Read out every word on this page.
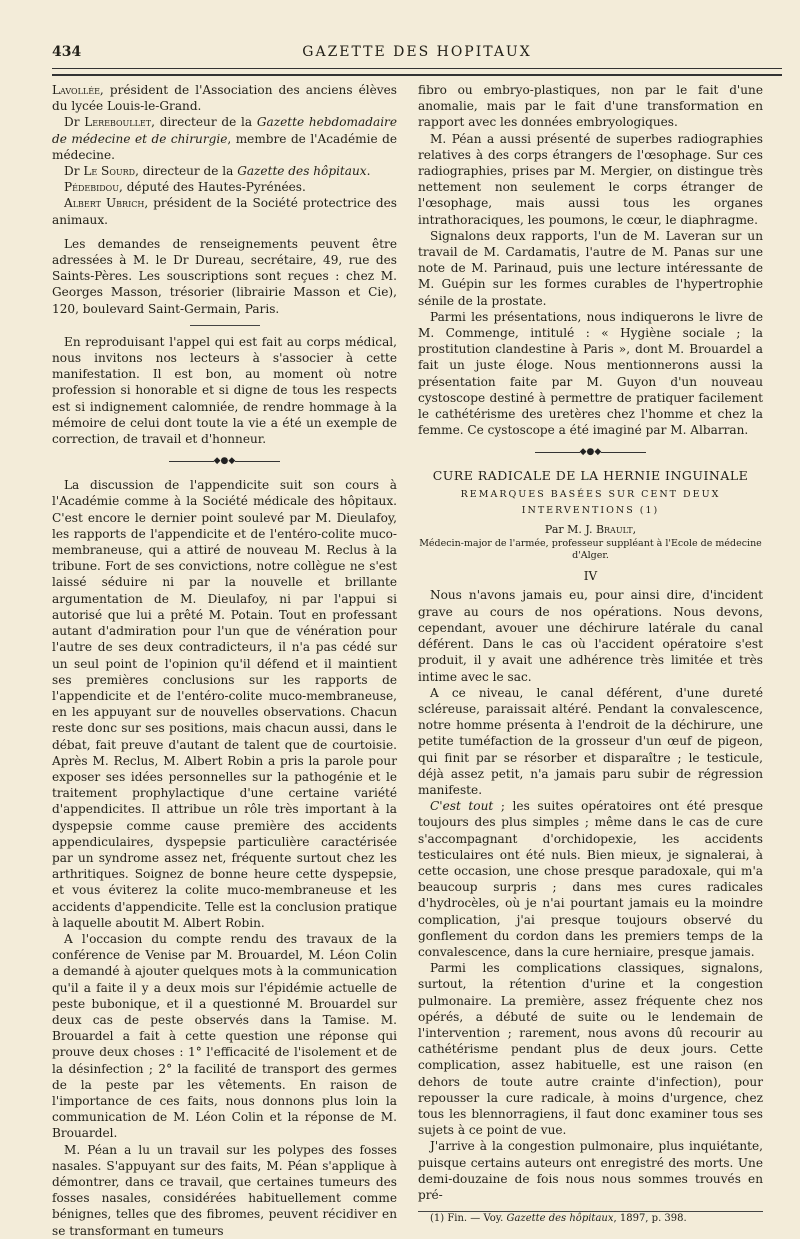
434	GAZETTE DES HOPITAUX

Lavollée, président de l'Association des anciens élèves du lycée Louis-le-Grand.

Dr Lereboullet, directeur de la Gazette hebdomadaire de médecine et de chirurgie, membre de l'Académie de médecine.

Dr Le Sourd, directeur de la Gazette des hôpitaux.

Pédebidou, député des Hautes-Pyrénées.

Albert Ubrich, président de la Société protectrice des animaux.

Les demandes de renseignements peuvent être adressées à M. le Dr Dureau, secrétaire, 49, rue des Saints-Pères. Les souscriptions sont reçues : chez M. Georges Masson, trésorier (librairie Masson et Cie), 120, boulevard Saint-Germain, Paris.

En reproduisant l'appel qui est fait au corps médical, nous invitons nos lecteurs à s'associer à cette manifestation. Il est bon, au moment où notre profession si honorable et si digne de tous les respects est si indignement calomniée, de rendre hommage à la mémoire de celui dont toute la vie a été un exemple de correction, de travail et d'honneur.

◆●◆

La discussion de l'appendicite suit son cours à l'Académie comme à la Société médicale des hôpitaux. C'est encore le dernier point soulevé par M. Dieulafoy, les rapports de l'appendicite et de l'entéro-colite muco-membraneuse, qui a attiré de nouveau M. Reclus à la tribune. Fort de ses convictions, notre collègue ne s'est laissé séduire ni par la nouvelle et brillante argumentation de M. Dieulafoy, ni par l'appui si autorisé que lui a prêté M. Potain. Tout en professant autant d'admiration pour l'un que de vénération pour l'autre de ses deux contradicteurs, il n'a pas cédé sur un seul point de l'opinion qu'il défend et il maintient ses premières conclusions sur les rapports de l'appendicite et de l'entéro-colite muco-membraneuse, en les appuyant sur de nouvelles observations. Chacun reste donc sur ses positions, mais chacun aussi, dans le débat, fait preuve d'autant de talent que de courtoisie. Après M. Reclus, M. Albert Robin a pris la parole pour exposer ses idées personnelles sur la pathogénie et le traitement prophylactique d'une certaine variété d'appendicites. Il attribue un rôle très important à la dyspepsie comme cause première des accidents appendiculaires, dyspepsie particulière caractérisée par un syndrome assez net, fréquente surtout chez les arthritiques. Soignez de bonne heure cette dyspepsie, et vous éviterez la colite muco-membraneuse et les accidents d'appendicite. Telle est la conclusion pratique à laquelle aboutit M. Albert Robin.

A l'occasion du compte rendu des travaux de la conférence de Venise par M. Brouardel, M. Léon Colin a demandé à ajouter quelques mots à la communication qu'il a faite il y a deux mois sur l'épidémie actuelle de peste bubonique, et il a questionné M. Brouardel sur deux cas de peste observés dans la Tamise. M. Brouardel a fait à cette question une réponse qui prouve deux choses : 1° l'efficacité de l'isolement et de la désinfection ; 2° la facilité de transport des germes de la peste par les vêtements. En raison de l'importance de ces faits, nous donnons plus loin la communication de M. Léon Colin et la réponse de M. Brouardel.

M. Péan a lu un travail sur les polypes des fosses nasales. S'appuyant sur des faits, M. Péan s'applique à démontrer, dans ce travail, que certaines tumeurs des fosses nasales, considérées habituellement comme bénignes, telles que des fibromes, peuvent récidiver en se transformant en tumeurs

fibro ou embryo-plastiques, non par le fait d'une anomalie, mais par le fait d'une transformation en rapport avec les données embryologiques.

M. Péan a aussi présenté de superbes radiographies relatives à des corps étrangers de l'œsophage. Sur ces radiographies, prises par M. Mergier, on distingue très nettement non seulement le corps étranger de l'œsophage, mais aussi tous les organes intrathoraciques, les poumons, le cœur, le diaphragme.

Signalons deux rapports, l'un de M. Laveran sur un travail de M. Cardamatis, l'autre de M. Panas sur une note de M. Parinaud, puis une lecture intéressante de M. Guépin sur les formes curables de l'hypertrophie sénile de la prostate.

Parmi les présentations, nous indiquerons le livre de M. Commenge, intitulé : « Hygiène sociale ; la prostitution clandestine à Paris », dont M. Brouardel a fait un juste éloge. Nous mentionnerons aussi la présentation faite par M. Guyon d'un nouveau cystoscope destiné à permettre de pratiquer facilement le cathétérisme des uretères chez l'homme et chez la femme. Ce cystoscope a été imaginé par M. Albarran.

◆●◆
CURE RADICALE DE LA HERNIE INGUINALE
REMARQUES BASÉES SUR CENT DEUX INTERVENTIONS (1)
Par M. J. Brault,
Médecin-major de l'armée, professeur suppléant à l'Ecole de médecine d'Alger.
IV

Nous n'avons jamais eu, pour ainsi dire, d'incident grave au cours de nos opérations. Nous devons, cependant, avouer une déchirure latérale du canal déférent. Dans le cas où l'accident opératoire s'est produit, il y avait une adhérence très limitée et très intime avec le sac.

A ce niveau, le canal déférent, d'une dureté scléreuse, paraissait altéré. Pendant la convalescence, notre homme présenta à l'endroit de la déchirure, une petite tuméfaction de la grosseur d'un œuf de pigeon, qui finit par se résorber et disparaître ; le testicule, déjà assez petit, n'a jamais paru subir de régression manifeste.

C'est tout ; les suites opératoires ont été presque toujours des plus simples ; même dans le cas de cure s'accompagnant d'orchidopexie, les accidents testiculaires ont été nuls. Bien mieux, je signalerai, à cette occasion, une chose presque paradoxale, qui m'a beaucoup surpris ; dans mes cures radicales d'hydrocèles, où je n'ai pourtant jamais eu la moindre complication, j'ai presque toujours observé du gonflement du cordon dans les premiers temps de la convalescence, dans la cure herniaire, presque jamais.

Parmi les complications classiques, signalons, surtout, la rétention d'urine et la congestion pulmonaire. La première, assez fréquente chez nos opérés, a débuté de suite ou le lendemain de l'intervention ; rarement, nous avons dû recourir au cathétérisme pendant plus de deux jours. Cette complication, assez habituelle, est une raison (en dehors de toute autre crainte d'infection), pour repousser la cure radicale, à moins d'urgence, chez tous les blennorragiens, il faut donc examiner tous ses sujets à ce point de vue.

J'arrive à la congestion pulmonaire, plus inquiétante, puisque certains auteurs ont enregistré des morts. Une demi-douzaine de fois nous nous sommes trouvés en pré-

(1) Fin. — Voy. Gazette des hôpitaux, 1897, p. 398.
